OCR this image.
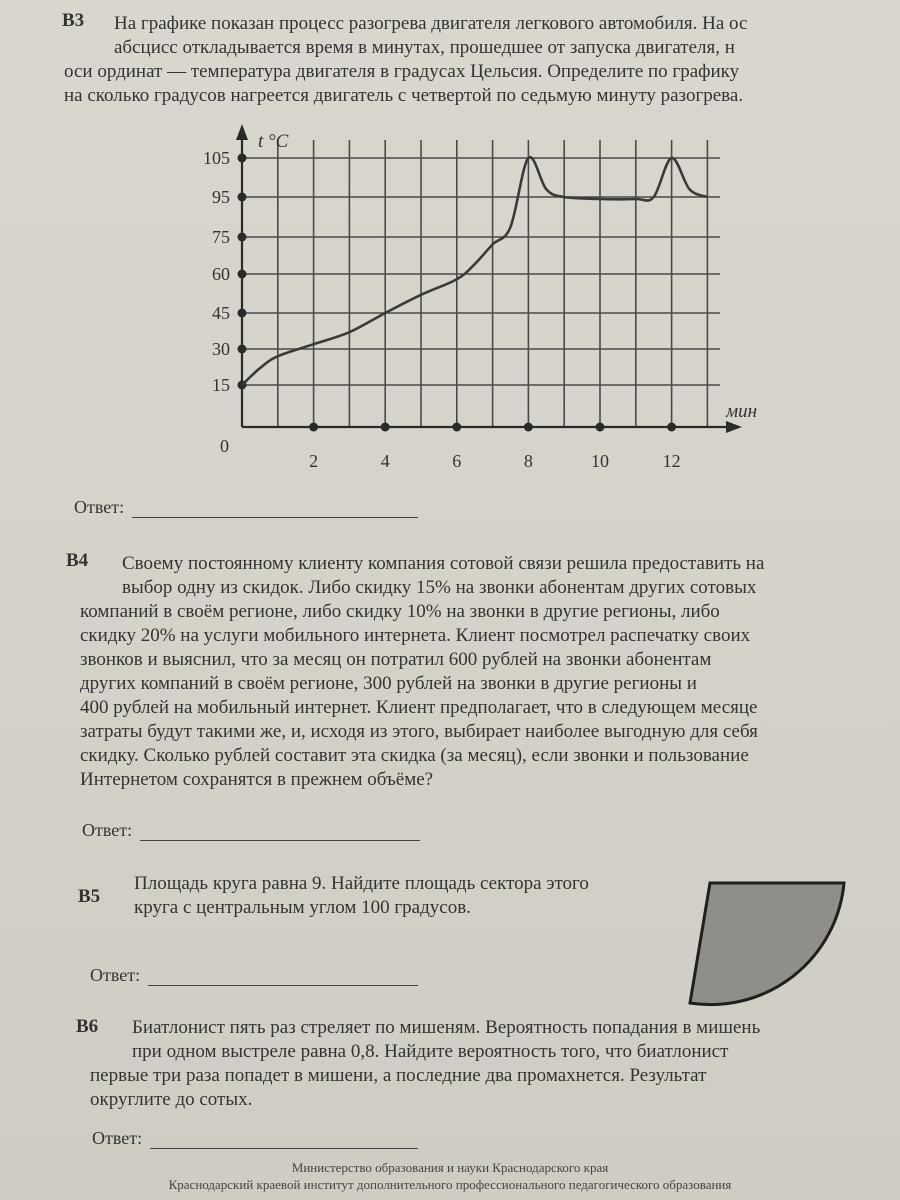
B3	На графике показан процесс разогрева двигателя легкового автомобиля. На ос
абсцисс откладывается время в минутах, прошедшее от запуска двигателя, н
оси ординат — температура двигателя в градусах Цельсия. Определите по графику
на сколько градусов нагреется двигатель с четвертой по седьмую минуту разогрева.
t °C
мин
0
15
30
45
60
75
95
105
2	4	6	8	10	12
Ответ:
B4	Своему постоянному клиенту компания сотовой связи решила предоставить на
выбор одну из скидок. Либо скидку 15% на звонки абонентам других сотовых
компаний в своём регионе, либо скидку 10% на звонки в другие регионы, либо
скидку 20% на услуги мобильного интернета. Клиент посмотрел распечатку своих
звонков и выяснил, что за месяц он потратил 600 рублей на звонки абонентам
других компаний в своём регионе, 300 рублей на звонки в другие регионы и
400 рублей на мобильный интернет. Клиент предполагает, что в следующем месяце
затраты будут такими же, и, исходя из этого, выбирает наиболее выгодную для себя
скидку. Сколько рублей составит эта скидка (за месяц), если звонки и пользование
Интернетом сохранятся в прежнем объёме?
Ответ:
B5
Площадь круга равна 9. Найдите площадь сектора этого
круга с центральным углом 100 градусов.
Ответ:
B6	Биатлонист пять раз стреляет по мишеням. Вероятность попадания в мишень
при одном выстреле равна 0,8. Найдите вероятность того, что биатлонист
первые три раза попадет в мишени, а последние два промахнется. Результат
округлите до сотых.
Ответ:
Министерство образования и науки Краснодарского края
Краснодарский краевой институт дополнительного профессионального педагогического образования
